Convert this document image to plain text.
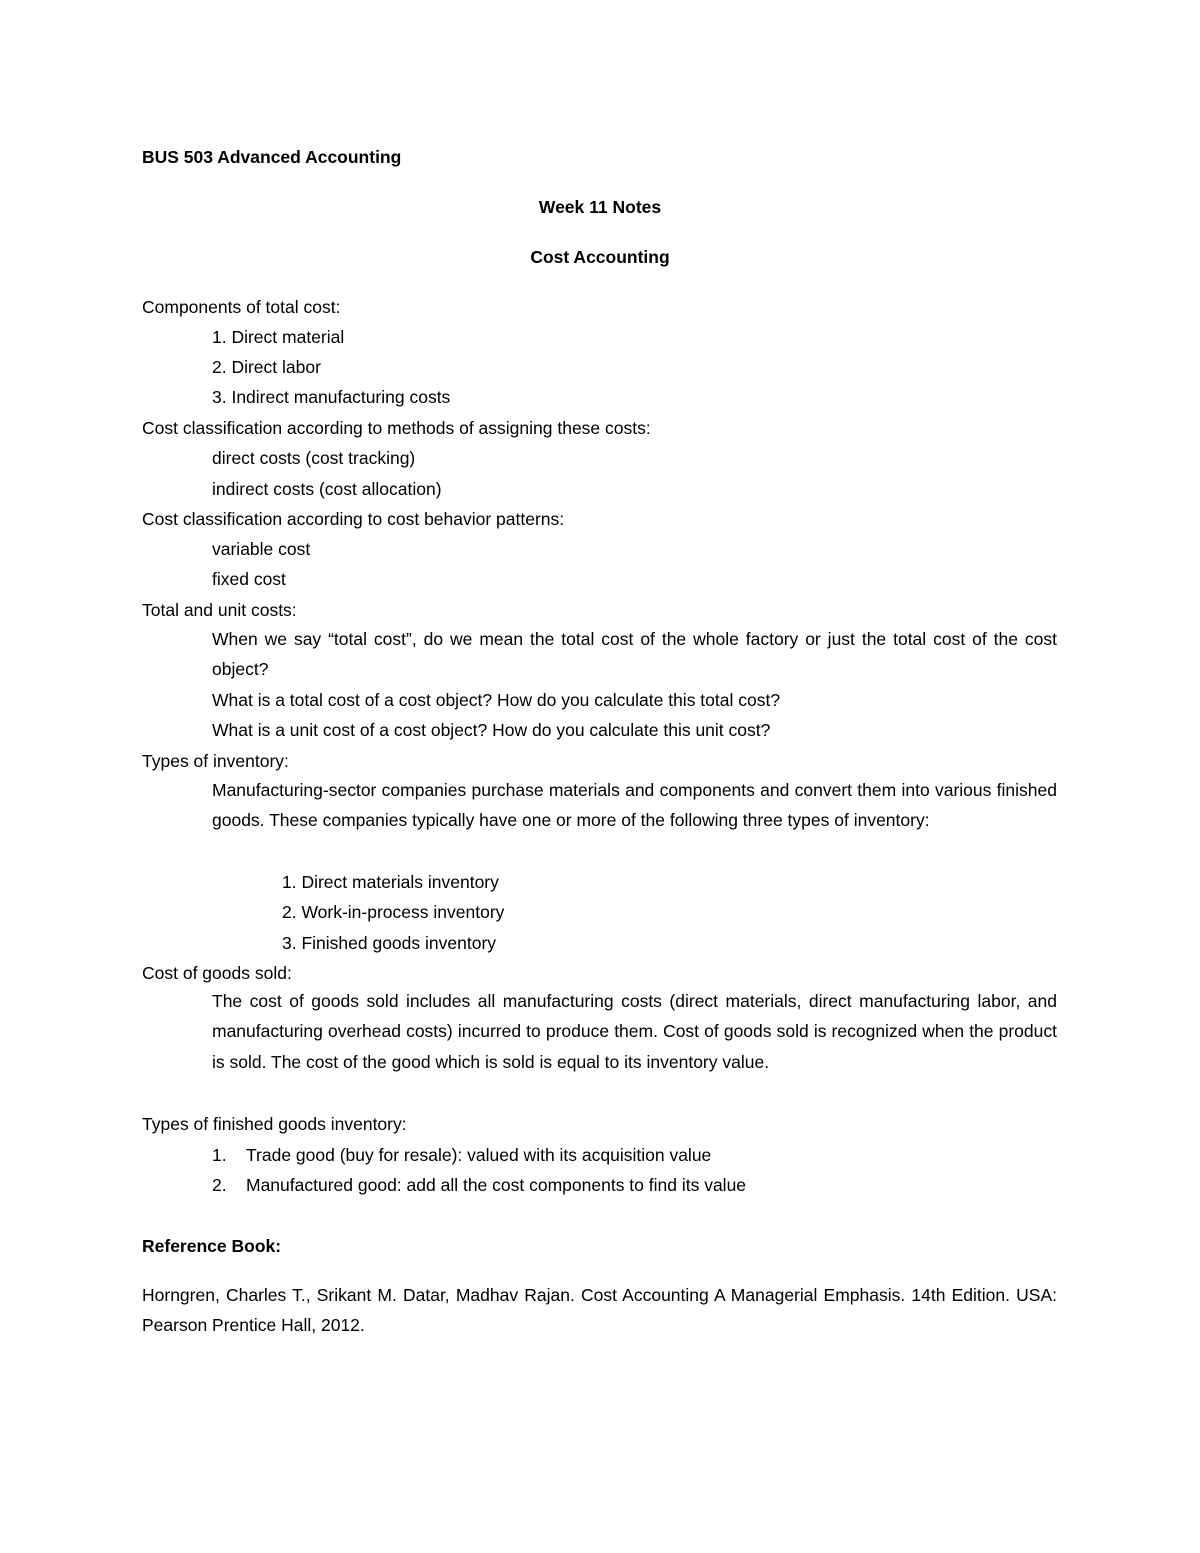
BUS 503 Advanced Accounting
Week 11 Notes
Cost Accounting
Components of total cost:
1. Direct material
2. Direct labor
3. Indirect manufacturing costs
Cost classification according to methods of assigning these costs:
direct costs (cost tracking)
indirect costs (cost allocation)
Cost classification according to cost behavior patterns:
variable cost
fixed cost
Total and unit costs:
When we say “total cost”, do we mean the total cost of the whole factory or just the total cost of the cost object?
What is a total cost of a cost object? How do you calculate this total cost?
What is a unit cost of a cost object? How do you calculate this unit cost?
Types of inventory:
Manufacturing-sector companies purchase materials and components and convert them into various finished goods. These companies typically have one or more of the following three types of inventory:
1. Direct materials inventory
2. Work-in-process inventory
3. Finished goods inventory
Cost of goods sold:
The cost of goods sold includes all manufacturing costs (direct materials, direct manufacturing labor, and manufacturing overhead costs) incurred to produce them. Cost of goods sold is recognized when the product is sold. The cost of the good which is sold is equal to its inventory value.
Types of finished goods inventory:
1. Trade good (buy for resale): valued with its acquisition value
2. Manufactured good: add all the cost components to find its value
Reference Book:
Horngren, Charles T., Srikant M. Datar, Madhav Rajan. Cost Accounting A Managerial Emphasis. 14th Edition. USA: Pearson Prentice Hall, 2012.
